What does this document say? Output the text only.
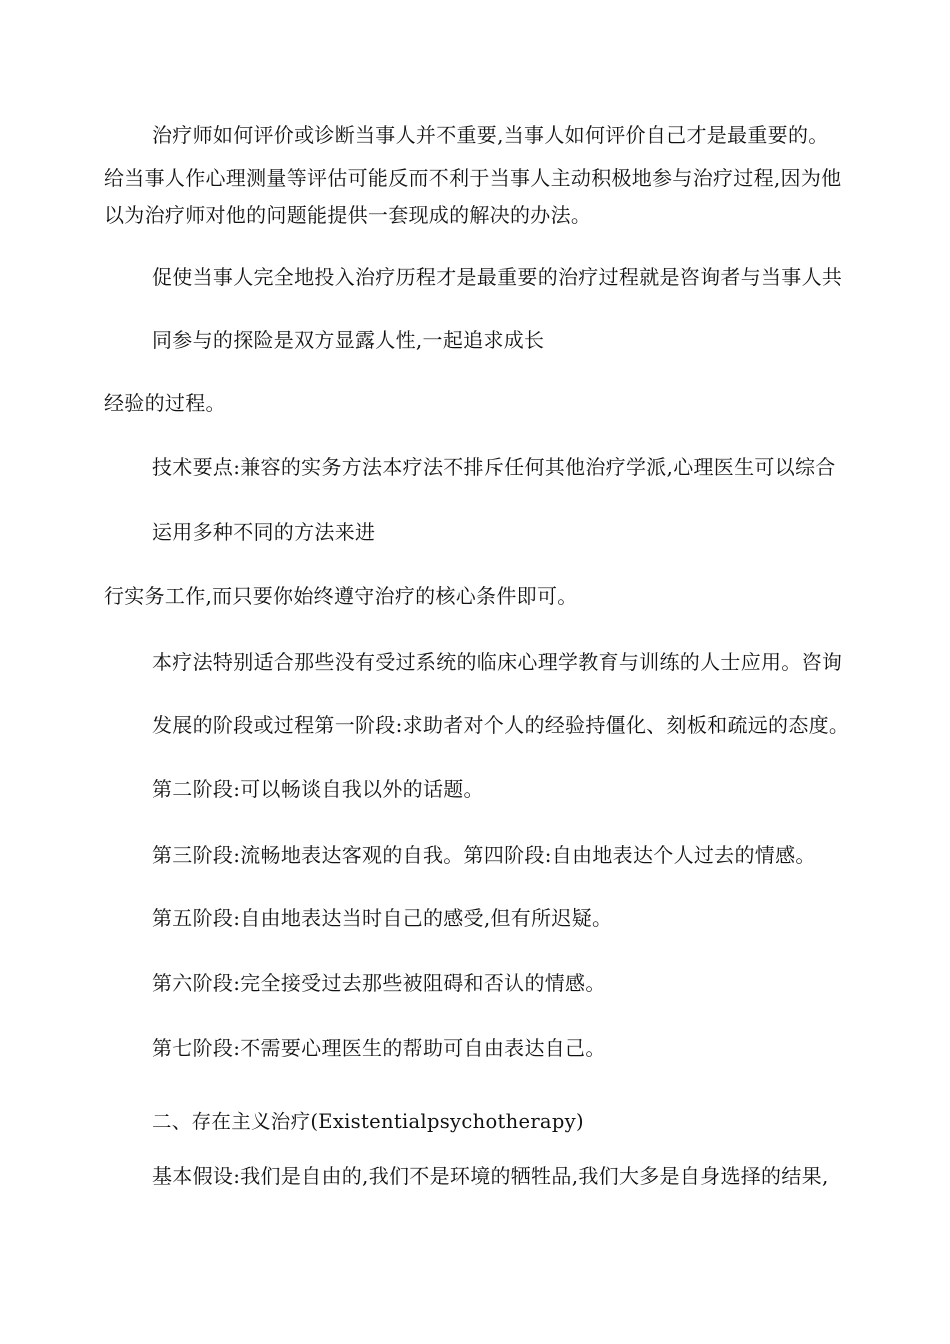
治疗师如何评价或诊断当事人并不重要,当事人如何评价自己才是最重要的。
给当事人作心理测量等评估可能反而不利于当事人主动积极地参与治疗过程,因为他
以为治疗师对他的问题能提供一套现成的解决的办法。
促使当事人完全地投入治疗历程才是最重要的治疗过程就是咨询者与当事人共
同参与的探险是双方显露人性,一起追求成长
经验的过程。
技术要点:兼容的实务方法本疗法不排斥任何其他治疗学派,心理医生可以综合
运用多种不同的方法来进
行实务工作,而只要你始终遵守治疗的核心条件即可。
本疗法特别适合那些没有受过系统的临床心理学教育与训练的人士应用。咨询
发展的阶段或过程第一阶段:求助者对个人的经验持僵化、刻板和疏远的态度。
第二阶段:可以畅谈自我以外的话题。
第三阶段:流畅地表达客观的自我。第四阶段:自由地表达个人过去的情感。
第五阶段:自由地表达当时自己的感受,但有所迟疑。
第六阶段:完全接受过去那些被阻碍和否认的情感。
第七阶段:不需要心理医生的帮助可自由表达自己。
二、存在主义治疗(Existentialpsychotherapy)
基本假设:我们是自由的,我们不是环境的牺牲品,我们大多是自身选择的结果,
